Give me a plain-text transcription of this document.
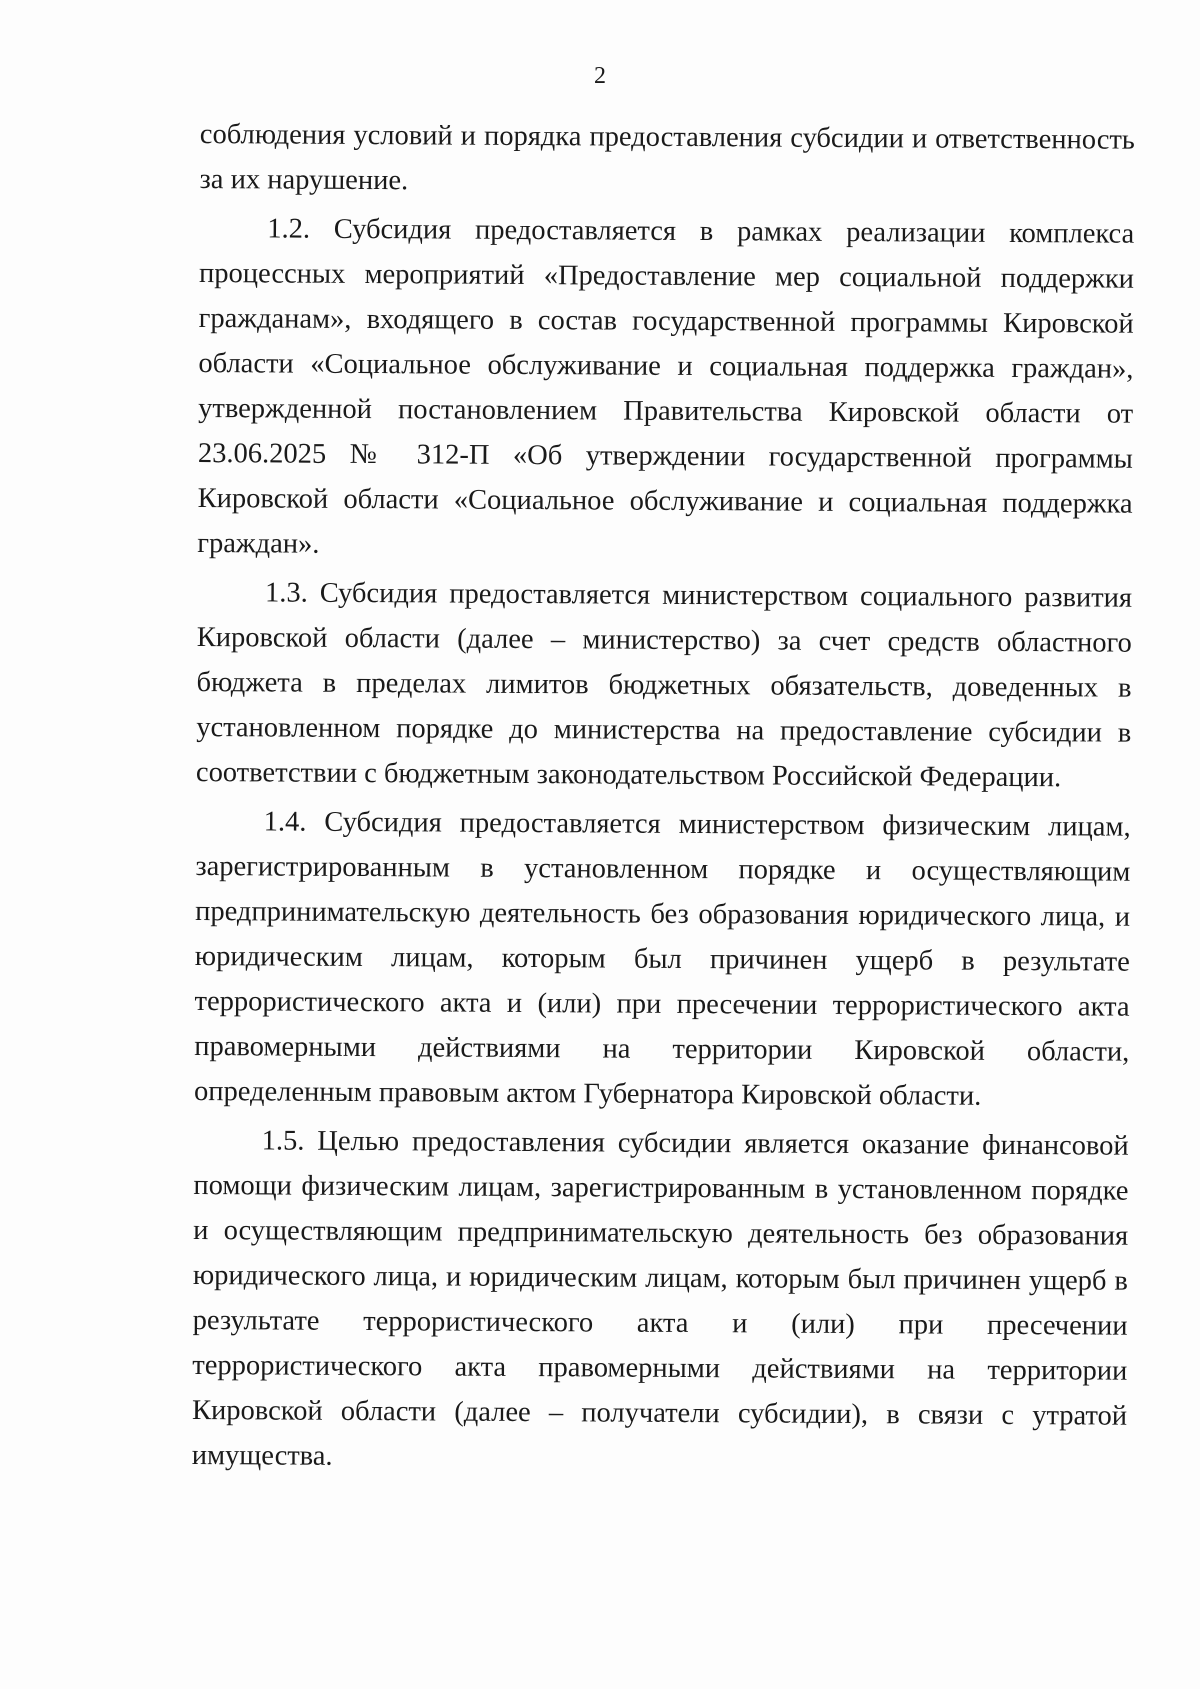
2

соблюдения условий и порядка предоставления субсидии и ответственность за их нарушение.

1.2. Субсидия предоставляется в рамках реализации комплекса процессных мероприятий «Предоставление мер социальной поддержки гражданам», входящего в состав государственной программы Кировской области «Социальное обслуживание и социальная поддержка граждан», утвержденной постановлением Правительства Кировской области от 23.06.2025 № 312-П «Об утверждении государственной программы Кировской области «Социальное обслуживание и социальная поддержка граждан».

1.3. Субсидия предоставляется министерством социального развития Кировской области (далее – министерство) за счет средств областного бюджета в пределах лимитов бюджетных обязательств, доведенных в установленном порядке до министерства на предоставление субсидии в соответствии с бюджетным законодательством Российской Федерации.

1.4. Субсидия предоставляется министерством физическим лицам, зарегистрированным в установленном порядке и осуществляющим предпринимательскую деятельность без образования юридического лица, и юридическим лицам, которым был причинен ущерб в результате террористического акта и (или) при пресечении террористического акта правомерными действиями на территории Кировской области, определенным правовым актом Губернатора Кировской области.

1.5. Целью предоставления субсидии является оказание финансовой помощи физическим лицам, зарегистрированным в установленном порядке и осуществляющим предпринимательскую деятельность без образования юридического лица, и юридическим лицам, которым был причинен ущерб в результате террористического акта и (или) при пресечении террористического акта правомерными действиями на территории Кировской области (далее – получатели субсидии), в связи с утратой имущества.
